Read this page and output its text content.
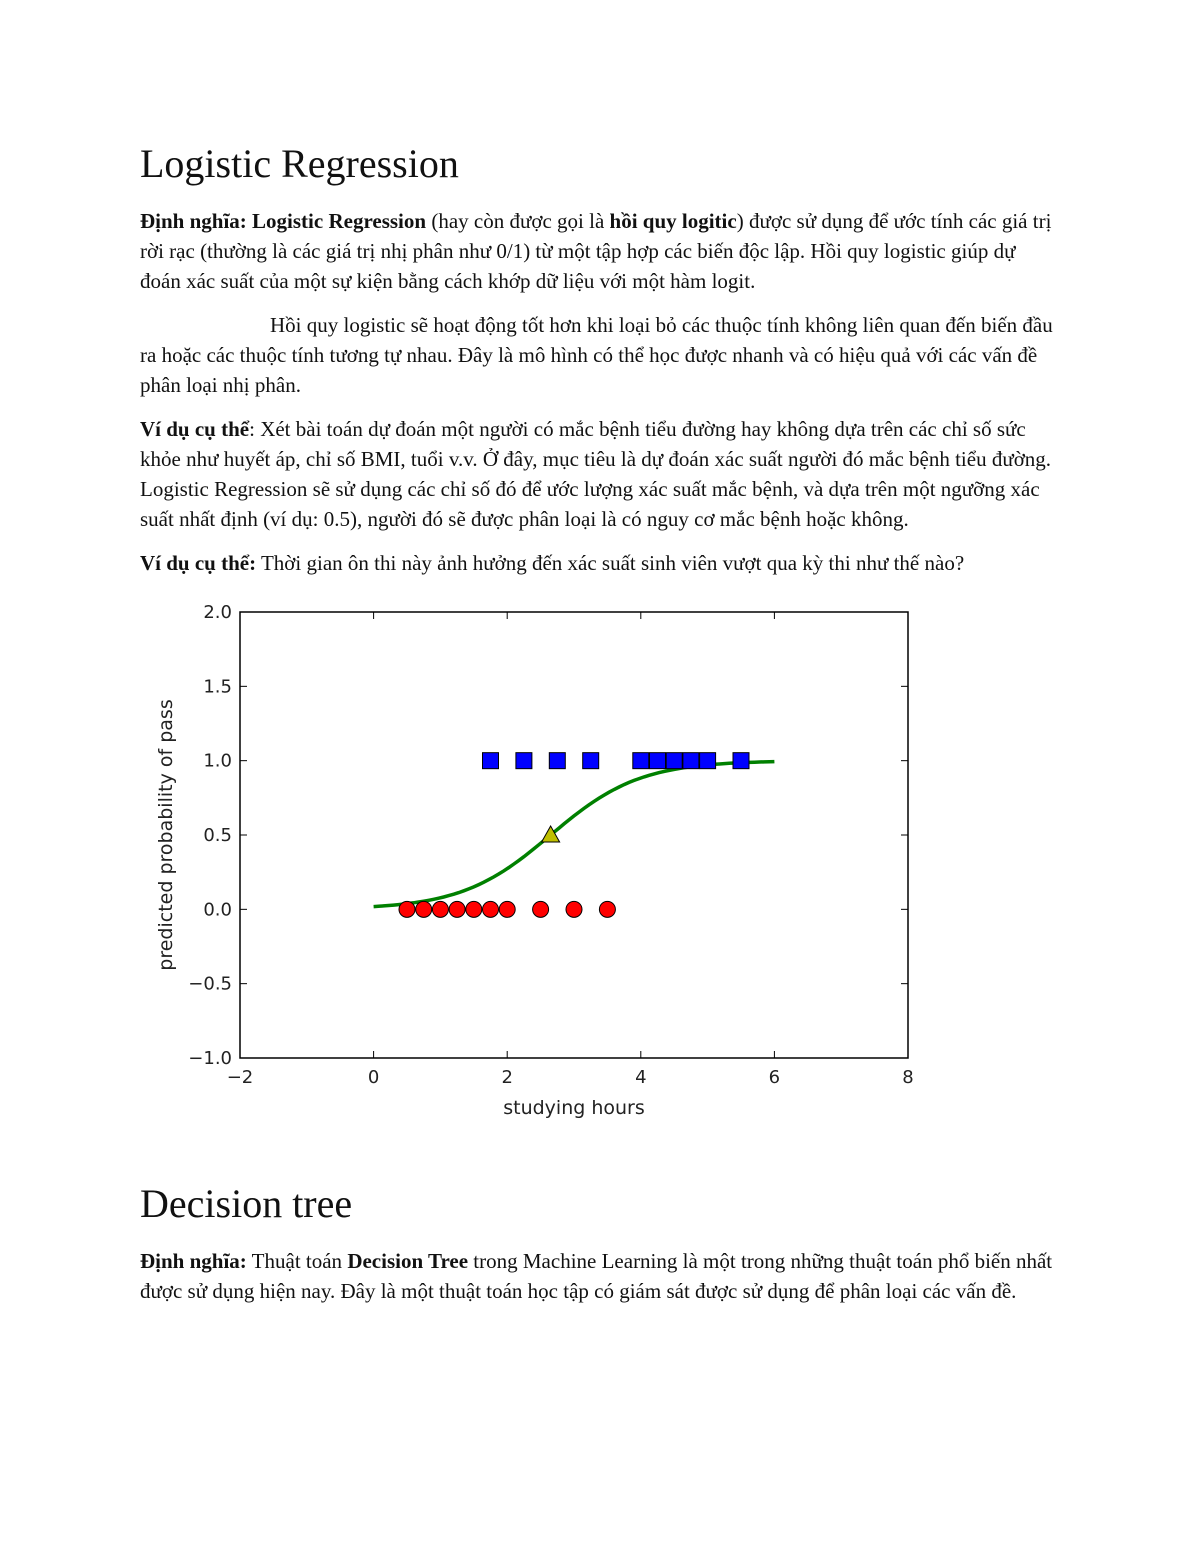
Logistic Regression

Định nghĩa: Logistic Regression (hay còn được gọi là hồi quy logitic) được sử dụng để ước tính các giá trị rời rạc (thường là các giá trị nhị phân như 0/1) từ một tập hợp các biến độc lập. Hồi quy logistic giúp dự đoán xác suất của một sự kiện bằng cách khớp dữ liệu với một hàm logit.

Hồi quy logistic sẽ hoạt động tốt hơn khi loại bỏ các thuộc tính không liên quan đến biến đầu ra hoặc các thuộc tính tương tự nhau. Đây là mô hình có thể học được nhanh và có hiệu quả với các vấn đề phân loại nhị phân.

Ví dụ cụ thể: Xét bài toán dự đoán một người có mắc bệnh tiểu đường hay không dựa trên các chỉ số sức khỏe như huyết áp, chỉ số BMI, tuổi v.v. Ở đây, mục tiêu là dự đoán xác suất người đó mắc bệnh tiểu đường. Logistic Regression sẽ sử dụng các chỉ số đó để ước lượng xác suất mắc bệnh, và dựa trên một ngưỡng xác suất nhất định (ví dụ: 0.5), người đó sẽ được phân loại là có nguy cơ mắc bệnh hoặc không.

Ví dụ cụ thể: Thời gian ôn thi này ảnh hưởng đến xác suất sinh viên vượt qua kỳ thi như thế nào?

−2	0	2	4	6	8
−1.0
−0.5
0.0
0.5
1.0
1.5
2.0
studying hours
predicted probability of pass
Decision tree

Định nghĩa: Thuật toán Decision Tree trong Machine Learning là một trong những thuật toán phổ biến nhất được sử dụng hiện nay. Đây là một thuật toán học tập có giám sát được sử dụng để phân loại các vấn đề.
